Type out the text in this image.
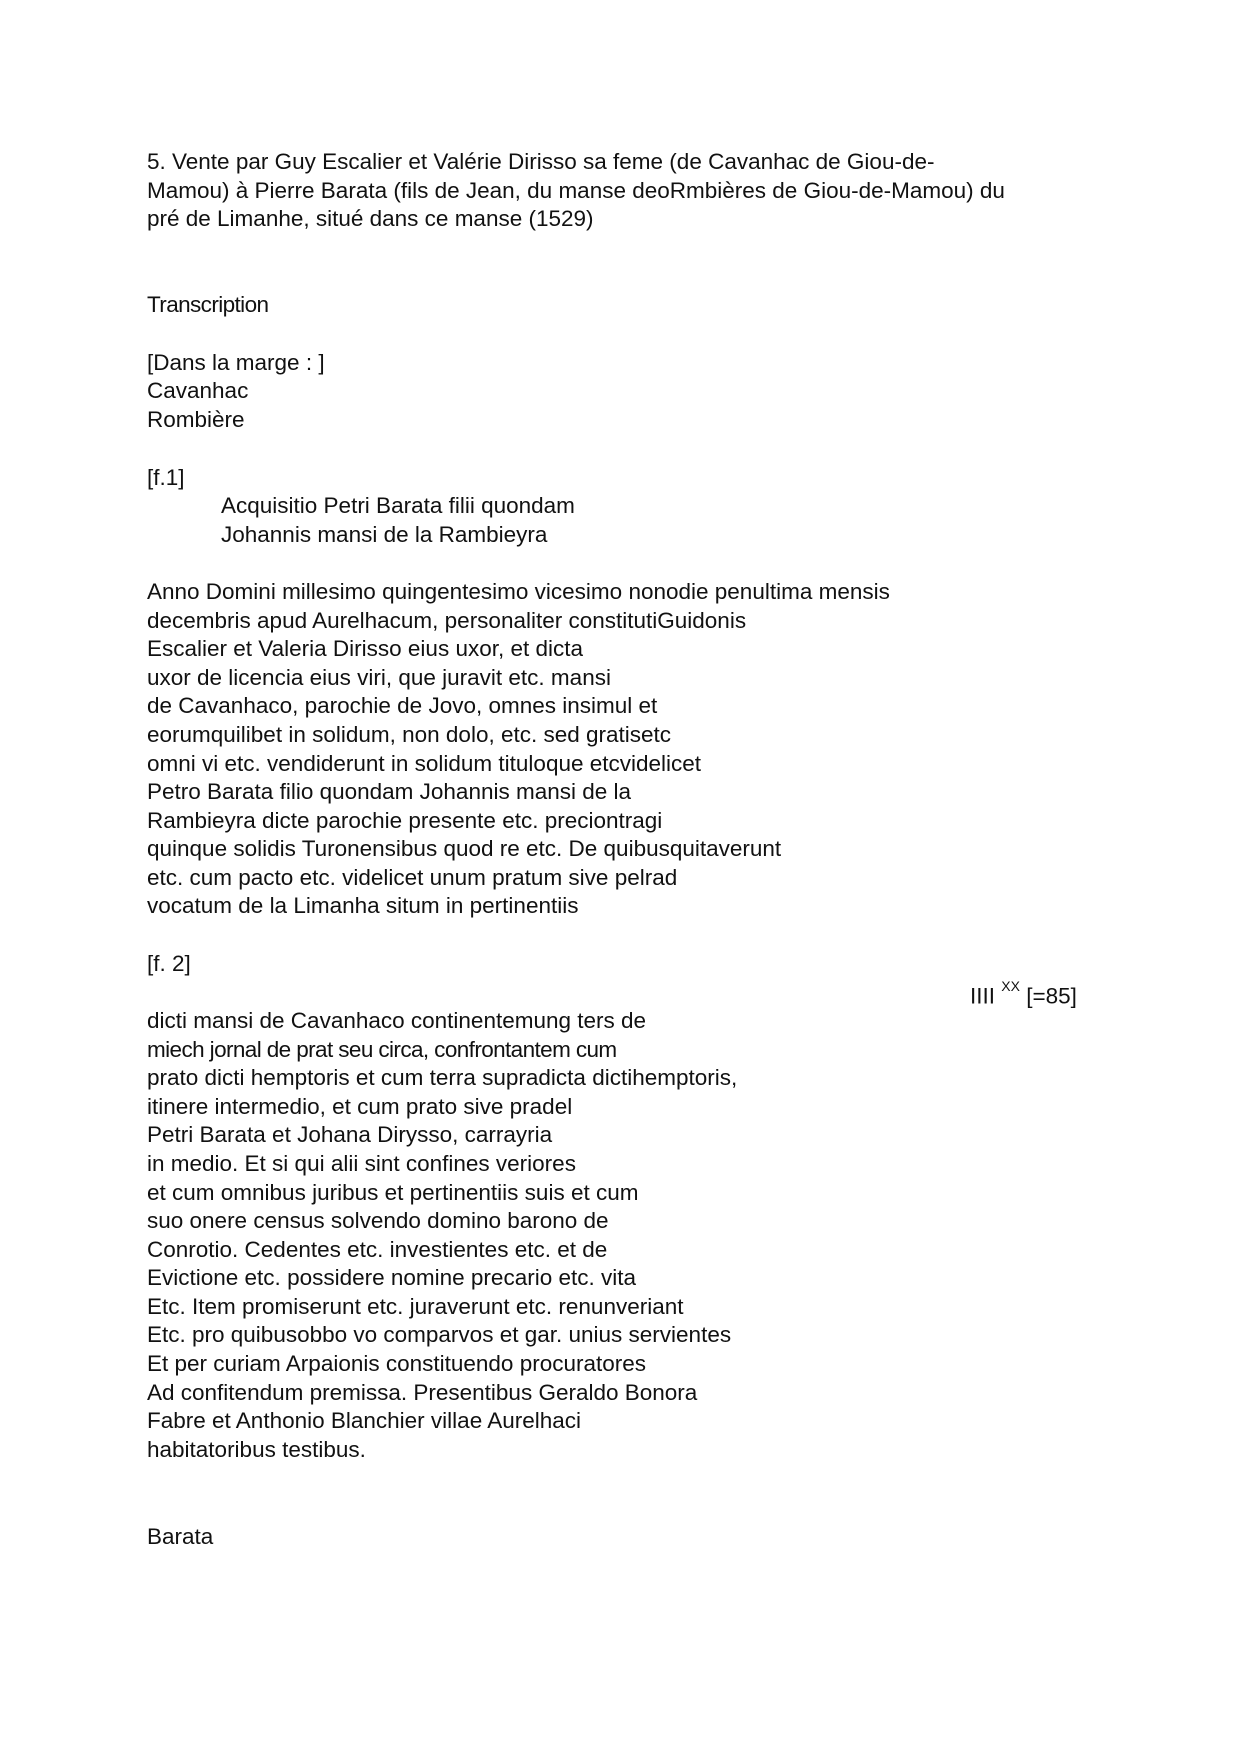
5. Vente par Guy Escalier et Valérie Dirisso sa feme (de Cavanhac de Giou-de-
Mamou) à Pierre Barata (fils de Jean, du manse deoRmbières de Giou-de-Mamou) du
pré de Limanhe, situé dans ce manse (1529)
Transcription
[Dans la marge : ]
Cavanhac
Rombière
[f.1]
Acquisitio Petri Barata filii quondam
Johannis mansi de la Rambieyra
Anno Domini millesimo quingentesimo vicesimo nonodie penultima mensis
decembris apud Aurelhacum, personaliter constitutiGuidonis
Escalier et Valeria Dirisso eius uxor, et dicta
uxor de licencia eius viri, que juravit etc. mansi
de Cavanhaco, parochie de Jovo, omnes insimul et
eorumquilibet in solidum, non dolo, etc. sed gratisetc
omni vi etc. vendiderunt in solidum tituloque etcvidelicet
Petro Barata filio quondam Johannis mansi de la
Rambieyra dicte parochie presente etc. preciontragi
quinque solidis Turonensibus quod re etc. De quibusquitaverunt
etc. cum pacto etc. videlicet unum pratum sive pelrad
vocatum de la Limanha situm in pertinentiis
[f. 2]
IIII $^{XX}$ [=85]
dicti mansi de Cavanhaco continentemung ters de
miech jornal de prat seu circa, confrontantem cum
prato dicti hemptoris et cum terra supradicta dictihemptoris,
itinere intermedio, et cum prato sive pradel
Petri Barata et Johana Dirysso, carrayria
in medio. Et si qui alii sint confines veriores
et cum omnibus juribus et pertinentiis suis et cum
suo onere census solvendo domino barono de
Conrotio. Cedentes etc. investientes etc. et de
Evictione etc. possidere nomine precario etc. vita
Etc. Item promiserunt etc. juraverunt etc. renunveriant
Etc. pro quibusobbo vo comparvos et gar. unius servientes
Et per curiam Arpaionis constituendo procuratores
Ad confitendum premissa. Presentibus Geraldo Bonora
Fabre et Anthonio Blanchier villae Aurelhaci
habitatoribus testibus.
Barata
